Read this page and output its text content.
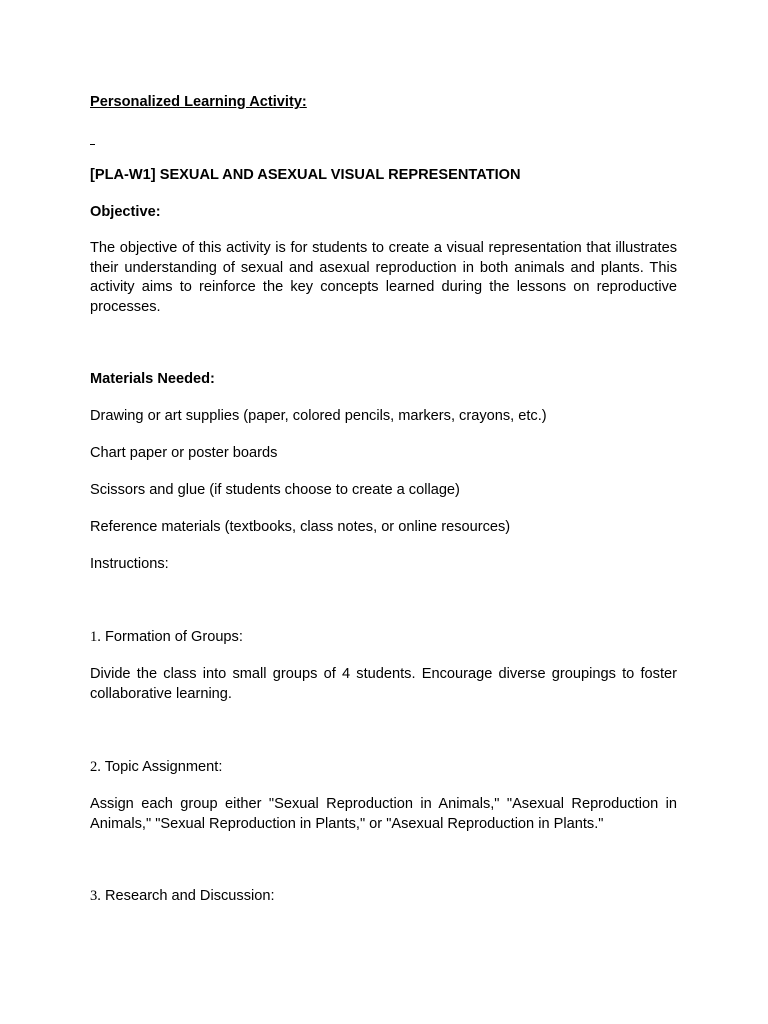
Personalized Learning Activity:
[PLA-W1] SEXUAL AND ASEXUAL VISUAL REPRESENTATION
Objective:
The objective of this activity is for students to create a visual representation that illustrates their understanding of sexual and asexual reproduction in both animals and plants. This activity aims to reinforce the key concepts learned during the lessons on reproductive processes.
Materials Needed:
Drawing or art supplies (paper, colored pencils, markers, crayons, etc.)
Chart paper or poster boards
Scissors and glue (if students choose to create a collage)
Reference materials (textbooks, class notes, or online resources)
Instructions:
1. Formation of Groups:
Divide the class into small groups of 4 students. Encourage diverse groupings to foster collaborative learning.
2. Topic Assignment:
Assign each group either "Sexual Reproduction in Animals," "Asexual Reproduction in Animals," "Sexual Reproduction in Plants," or "Asexual Reproduction in Plants."
3. Research and Discussion:
